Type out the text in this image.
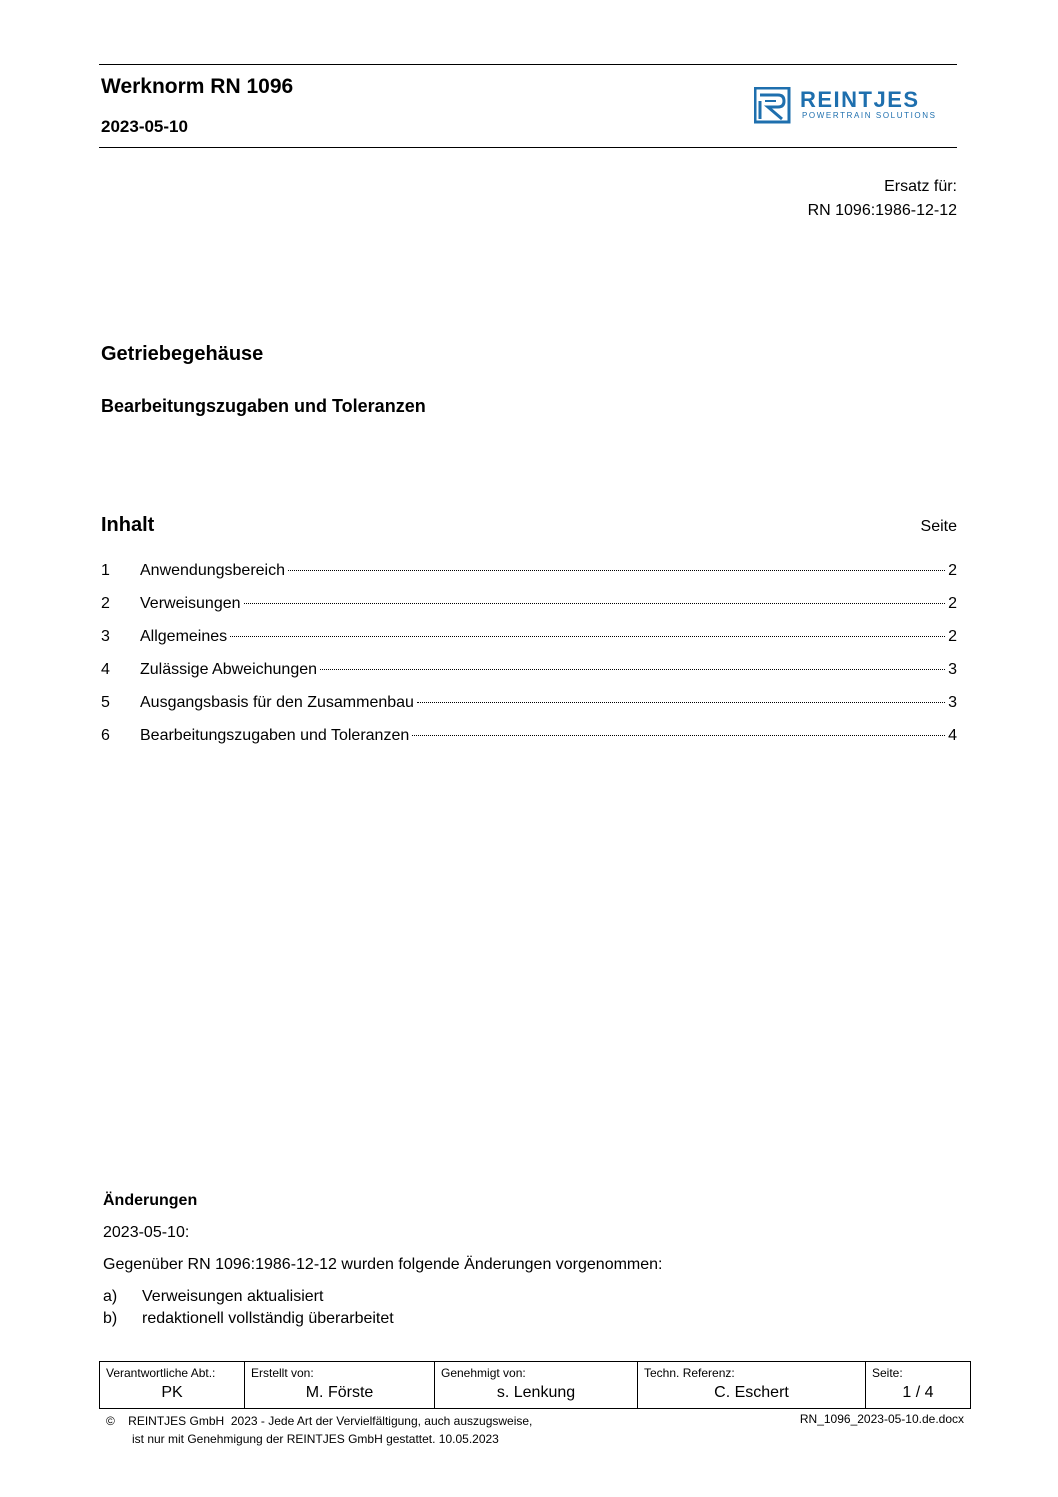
Werknorm RN 1096
2023-05-10
REINTJES
POWERTRAIN SOLUTIONS
Ersatz für:
RN 1096:1986-12-12
Getriebegehäuse
Bearbeitungszugaben und Toleranzen
Inhalt	Seite
1	Anwendungsbereich	2
2	Verweisungen	2
3	Allgemeines	2
4	Zulässige Abweichungen	3
5	Ausgangsbasis für den Zusammenbau	3
6	Bearbeitungszugaben und Toleranzen	4
Änderungen
2023-05-10:
Gegenüber RN 1096:1986-12-12 wurden folgende Änderungen vorgenommen:
a)	Verweisungen aktualisiert
b)	redaktionell vollständig überarbeitet
Verantwortliche Abt.:
PK
Erstellt von:
M. Förste
Genehmigt von:
s. Lenkung
Techn. Referenz:
C. Eschert
Seite:
1 / 4
©    REINTJES GmbH  2023 - Jede Art der Vervielfältigung, auch auszugsweise,
ist nur mit Genehmigung der REINTJES GmbH gestattet. 10.05.2023
RN_1096_2023-05-10.de.docx
